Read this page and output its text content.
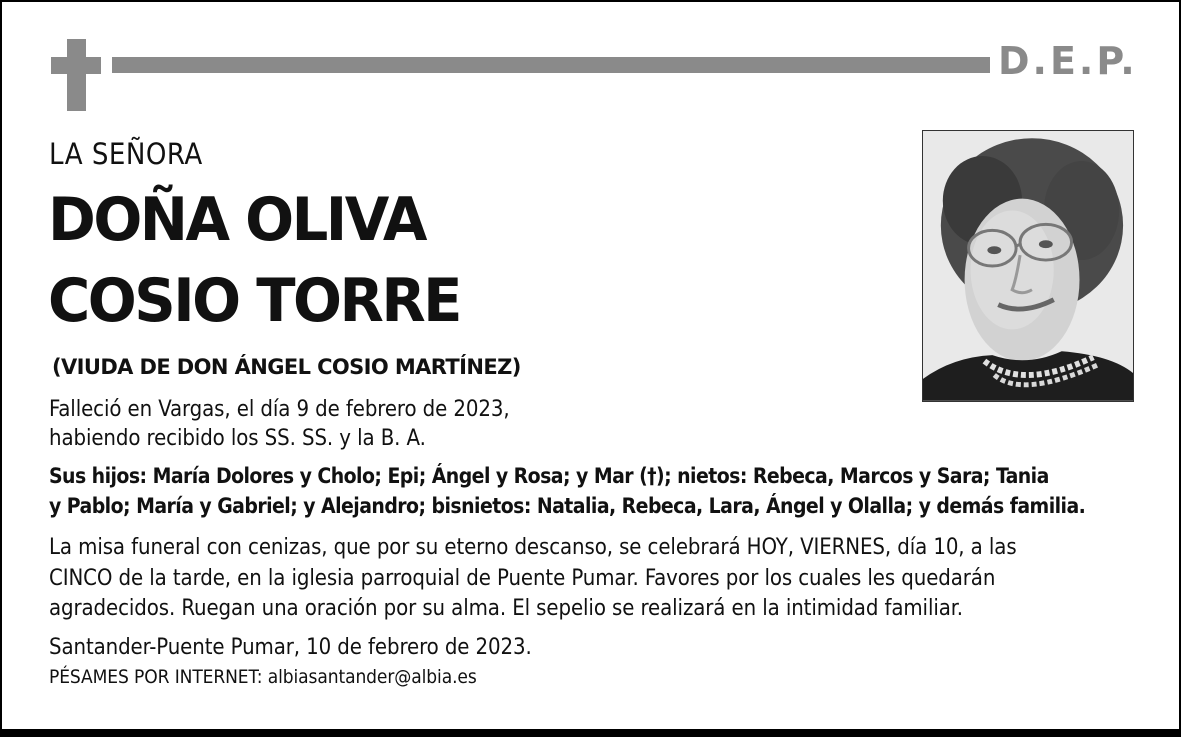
D.E.P.

LA SEÑORA

DOÑA OLIVA

COSIO TORRE

(VIUDA DE DON ÁNGEL COSIO MARTÍNEZ)

Falleció en Vargas, el día 9 de febrero de 2023,

habiendo recibido los SS. SS. y la B. A.

Sus hijos: María Dolores y Cholo; Epi; Ángel y Rosa; y Mar (†); nietos: Rebeca, Marcos y Sara; Tania

y Pablo; María y Gabriel; y Alejandro; bisnietos: Natalia, Rebeca, Lara, Ángel y Olalla; y demás familia.

La misa funeral con cenizas, que por su eterno descanso, se celebrará HOY, VIERNES, día 10, a las

CINCO de la tarde, en la iglesia parroquial de Puente Pumar. Favores por los cuales les quedarán

agradecidos. Ruegan una oración por su alma. El sepelio se realizará en la intimidad familiar.

Santander-Puente Pumar, 10 de febrero de 2023.

PÉSAMES POR INTERNET: albiasantander@albia.es
